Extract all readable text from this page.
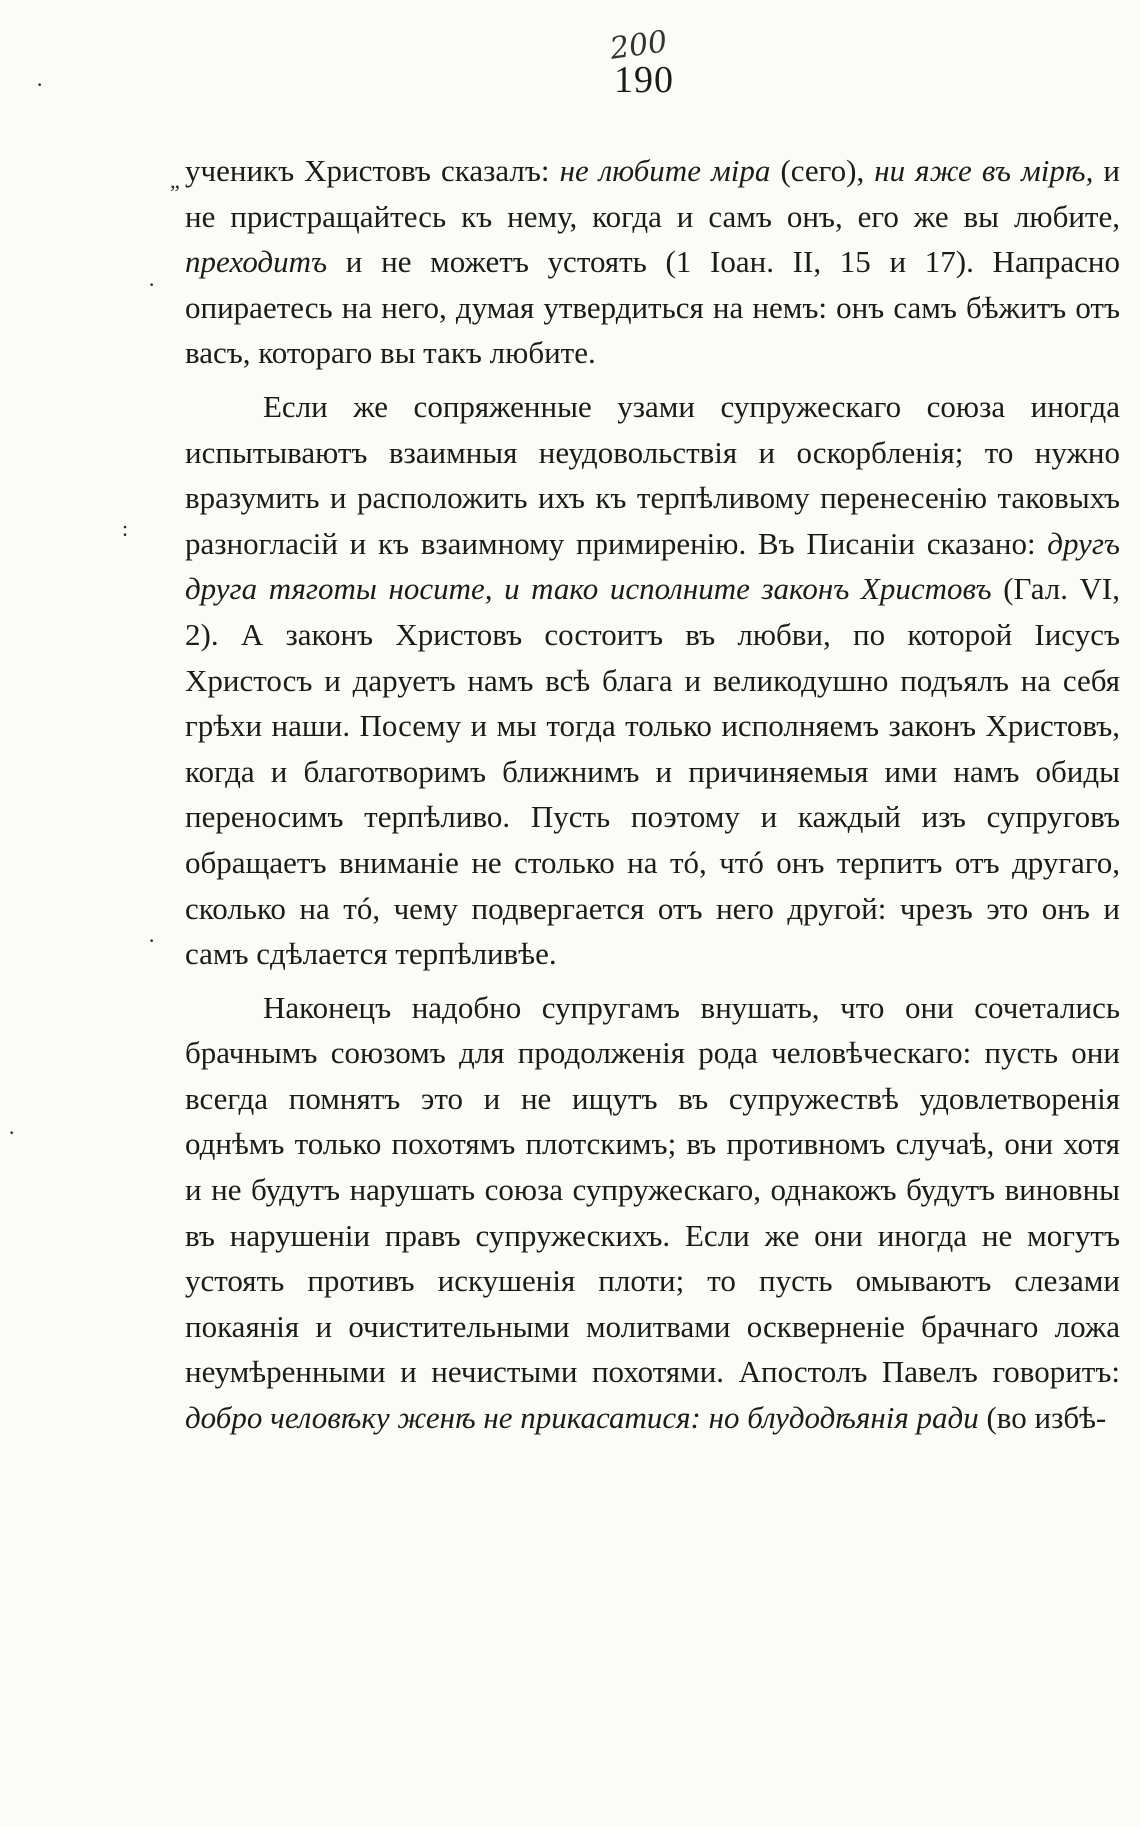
200
190
„
·
·
:
·
·

ученикъ Христовъ сказалъ: не любите міра (сего), ни яже въ мірѣ, и не пристращайтесь къ нему, когда и самъ онъ, его же вы любите, преходитъ и не можетъ устоять (1 Іоан. II, 15 и 17). Напрасно опираетесь на него, думая утвердиться на немъ: онъ самъ бѣжитъ отъ васъ, котораго вы такъ любите.

Если же сопряженные узами супружескаго союза иногда испытываютъ взаимныя неудовольствія и оскорбленія; то нужно вразумить и расположить ихъ къ терпѣливому перенесенію таковыхъ разногласій и къ взаимному примиренію. Въ Писаніи сказано: другъ друга тяготы носите, и тако исполните законъ Христовъ (Гал. VI, 2). А законъ Христовъ состоитъ въ любви, по которой Іисусъ Христосъ и даруетъ намъ всѣ блага и великодушно подъялъ на себя грѣхи наши. Посему и мы тогда только исполняемъ законъ Христовъ, когда и благотворимъ ближнимъ и причиняемыя ими намъ обиды переносимъ терпѣливо. Пусть поэтому и каждый изъ супруговъ обращаетъ вниманіе не столько на тó, чтó онъ терпитъ отъ другаго, сколько на тó, чему подвергается отъ него другой: чрезъ это онъ и самъ сдѣлается терпѣливѣе.

Наконецъ надобно супругамъ внушать, что они сочетались брачнымъ союзомъ для продолженія рода человѣческаго: пусть они всегда помнятъ это и не ищутъ въ супружествѣ удовлетворенія однѣмъ только похотямъ плотскимъ; въ противномъ случаѣ, они хотя и не будутъ нарушать союза супружескаго, однакожъ будутъ виновны въ нарушеніи правъ супружескихъ. Если же они иногда не могутъ устоять противъ искушенія плоти; то пусть омываютъ слезами покаянія и очистительными молитвами оскверненіе брачнаго ложа неумѣренными и нечистыми похотями. Апостолъ Павелъ говоритъ: добро человѣку женѣ не прикасатися: но блудодѣянія ради (во избѣ-
